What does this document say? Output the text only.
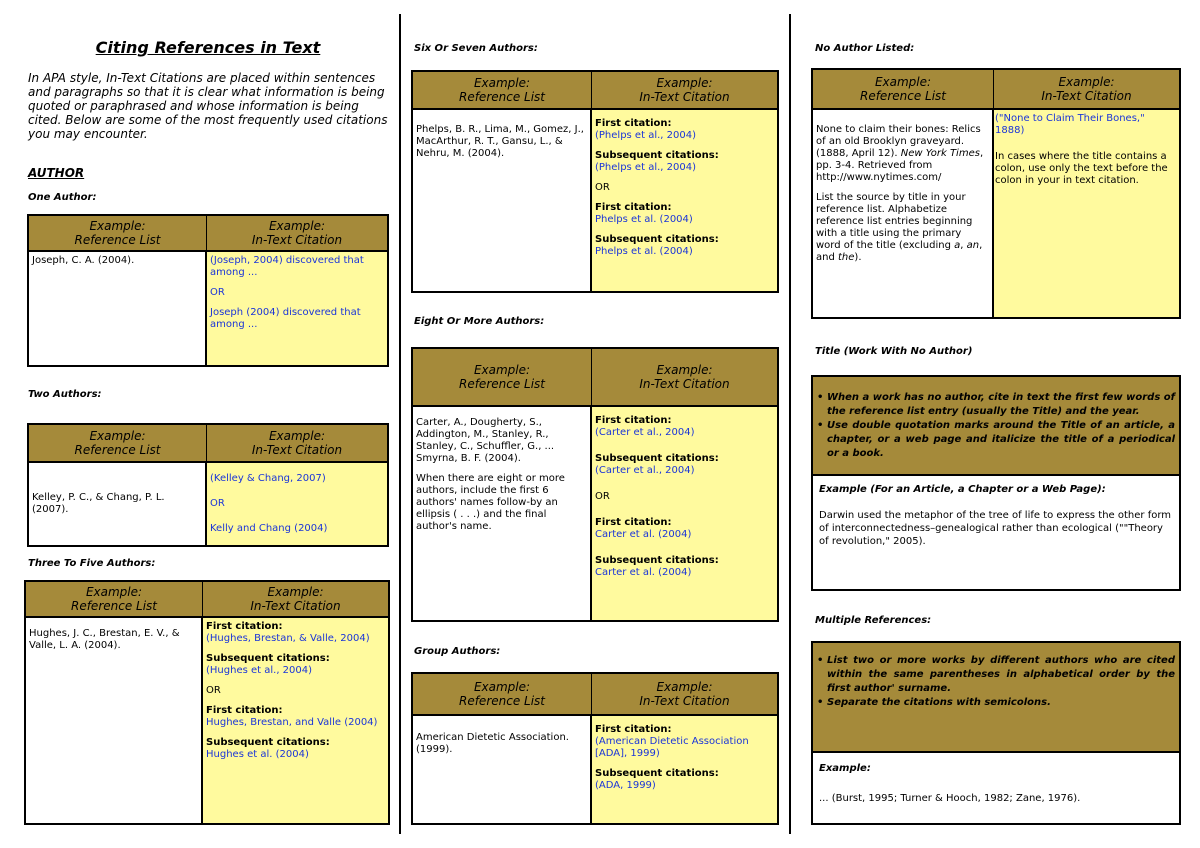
Citing References in Text
In APA style, In-Text Citations are placed within sentences and paragraphs so that it is clear what information is being quoted or paraphrased and whose information is being cited. Below are some of the most frequently used citations you may encounter.
AUTHOR
One Author:
Example:
Reference List
Example:
In-Text Citation
Joseph, C. A. (2004).	(Joseph, 2004) discovered that among ...
OR
Joseph (2004) discovered that among ...
Two Authors:
Example:
Reference List
Example:
In-Text Citation
Kelley, P. C., & Chang, P. L. (2007).
(Kelley & Chang, 2007)
OR
Kelly and Chang (2004)
Three To Five Authors:
Example:
Reference List
Example:
In-Text Citation
Hughes, J. C., Brestan, E. V., & Valle, L. A. (2004).
First citation:
(Hughes, Brestan, & Valle, 2004)
Subsequent citations:
(Hughes et al., 2004)
OR
First citation:
Hughes, Brestan, and Valle (2004)
Subsequent citations:
Hughes et al. (2004)
Six Or Seven Authors:
Example:
Reference List
Example:
In-Text Citation
Phelps, B. R., Lima, M., Gomez, J., MacArthur, R. T., Gansu, L., & Nehru, M. (2004).
First citation:
(Phelps et al., 2004)
Subsequent citations:
(Phelps et al., 2004)
OR
First citation:
Phelps et al. (2004)
Subsequent citations:
Phelps et al. (2004)
Eight Or More Authors:
Example:
Reference List
Example:
In-Text Citation
Carter, A., Dougherty, S., Addington, M., Stanley, R., Stanley, C., Schuffler, G., ... Smyrna, B. F. (2004).
When there are eight or more authors, include the first 6 authors' names follow-by an ellipsis ( . . .) and the final author's name.
First citation:
(Carter et al., 2004)
Subsequent citations:
(Carter et al., 2004)
OR
First citation:
Carter et al. (2004)
Subsequent citations:
Carter et al. (2004)
Group Authors:
Example:
Reference List
Example:
In-Text Citation
American Dietetic Association. (1999).
First citation:
(American Dietetic Association [ADA], 1999)
Subsequent citations:
(ADA, 1999)
No Author Listed:
Example:
Reference List
Example:
In-Text Citation
None to claim their bones: Relics of an old Brooklyn graveyard. (1888, April 12). New York Times, pp. 3-4. Retrieved from http://www.nytimes.com/
List the source by title in your reference list. Alphabetize reference list entries beginning with a title using the primary word of the title (excluding a, an, and the).
("None to Claim Their Bones," 1888)
In cases where the title contains a colon, use only the text before the colon in your in text citation.
Title (Work With No Author)
• When a work has no author, cite in text the first few words of the reference list entry (usually the Title) and the year.
• Use double quotation marks around the Title of an article, a chapter, or a web page and italicize the title of a periodical or a book.
Example (For an Article, a Chapter or a Web Page):
Darwin used the metaphor of the tree of life to express the other form of interconnectedness–genealogical rather than ecological (""Theory of revolution," 2005).
Multiple References:
• List two or more works by different authors who are cited within the same parentheses in alphabetical order by the first author' surname.
• Separate the citations with semicolons.
Example:
... (Burst, 1995; Turner & Hooch, 1982; Zane, 1976).
